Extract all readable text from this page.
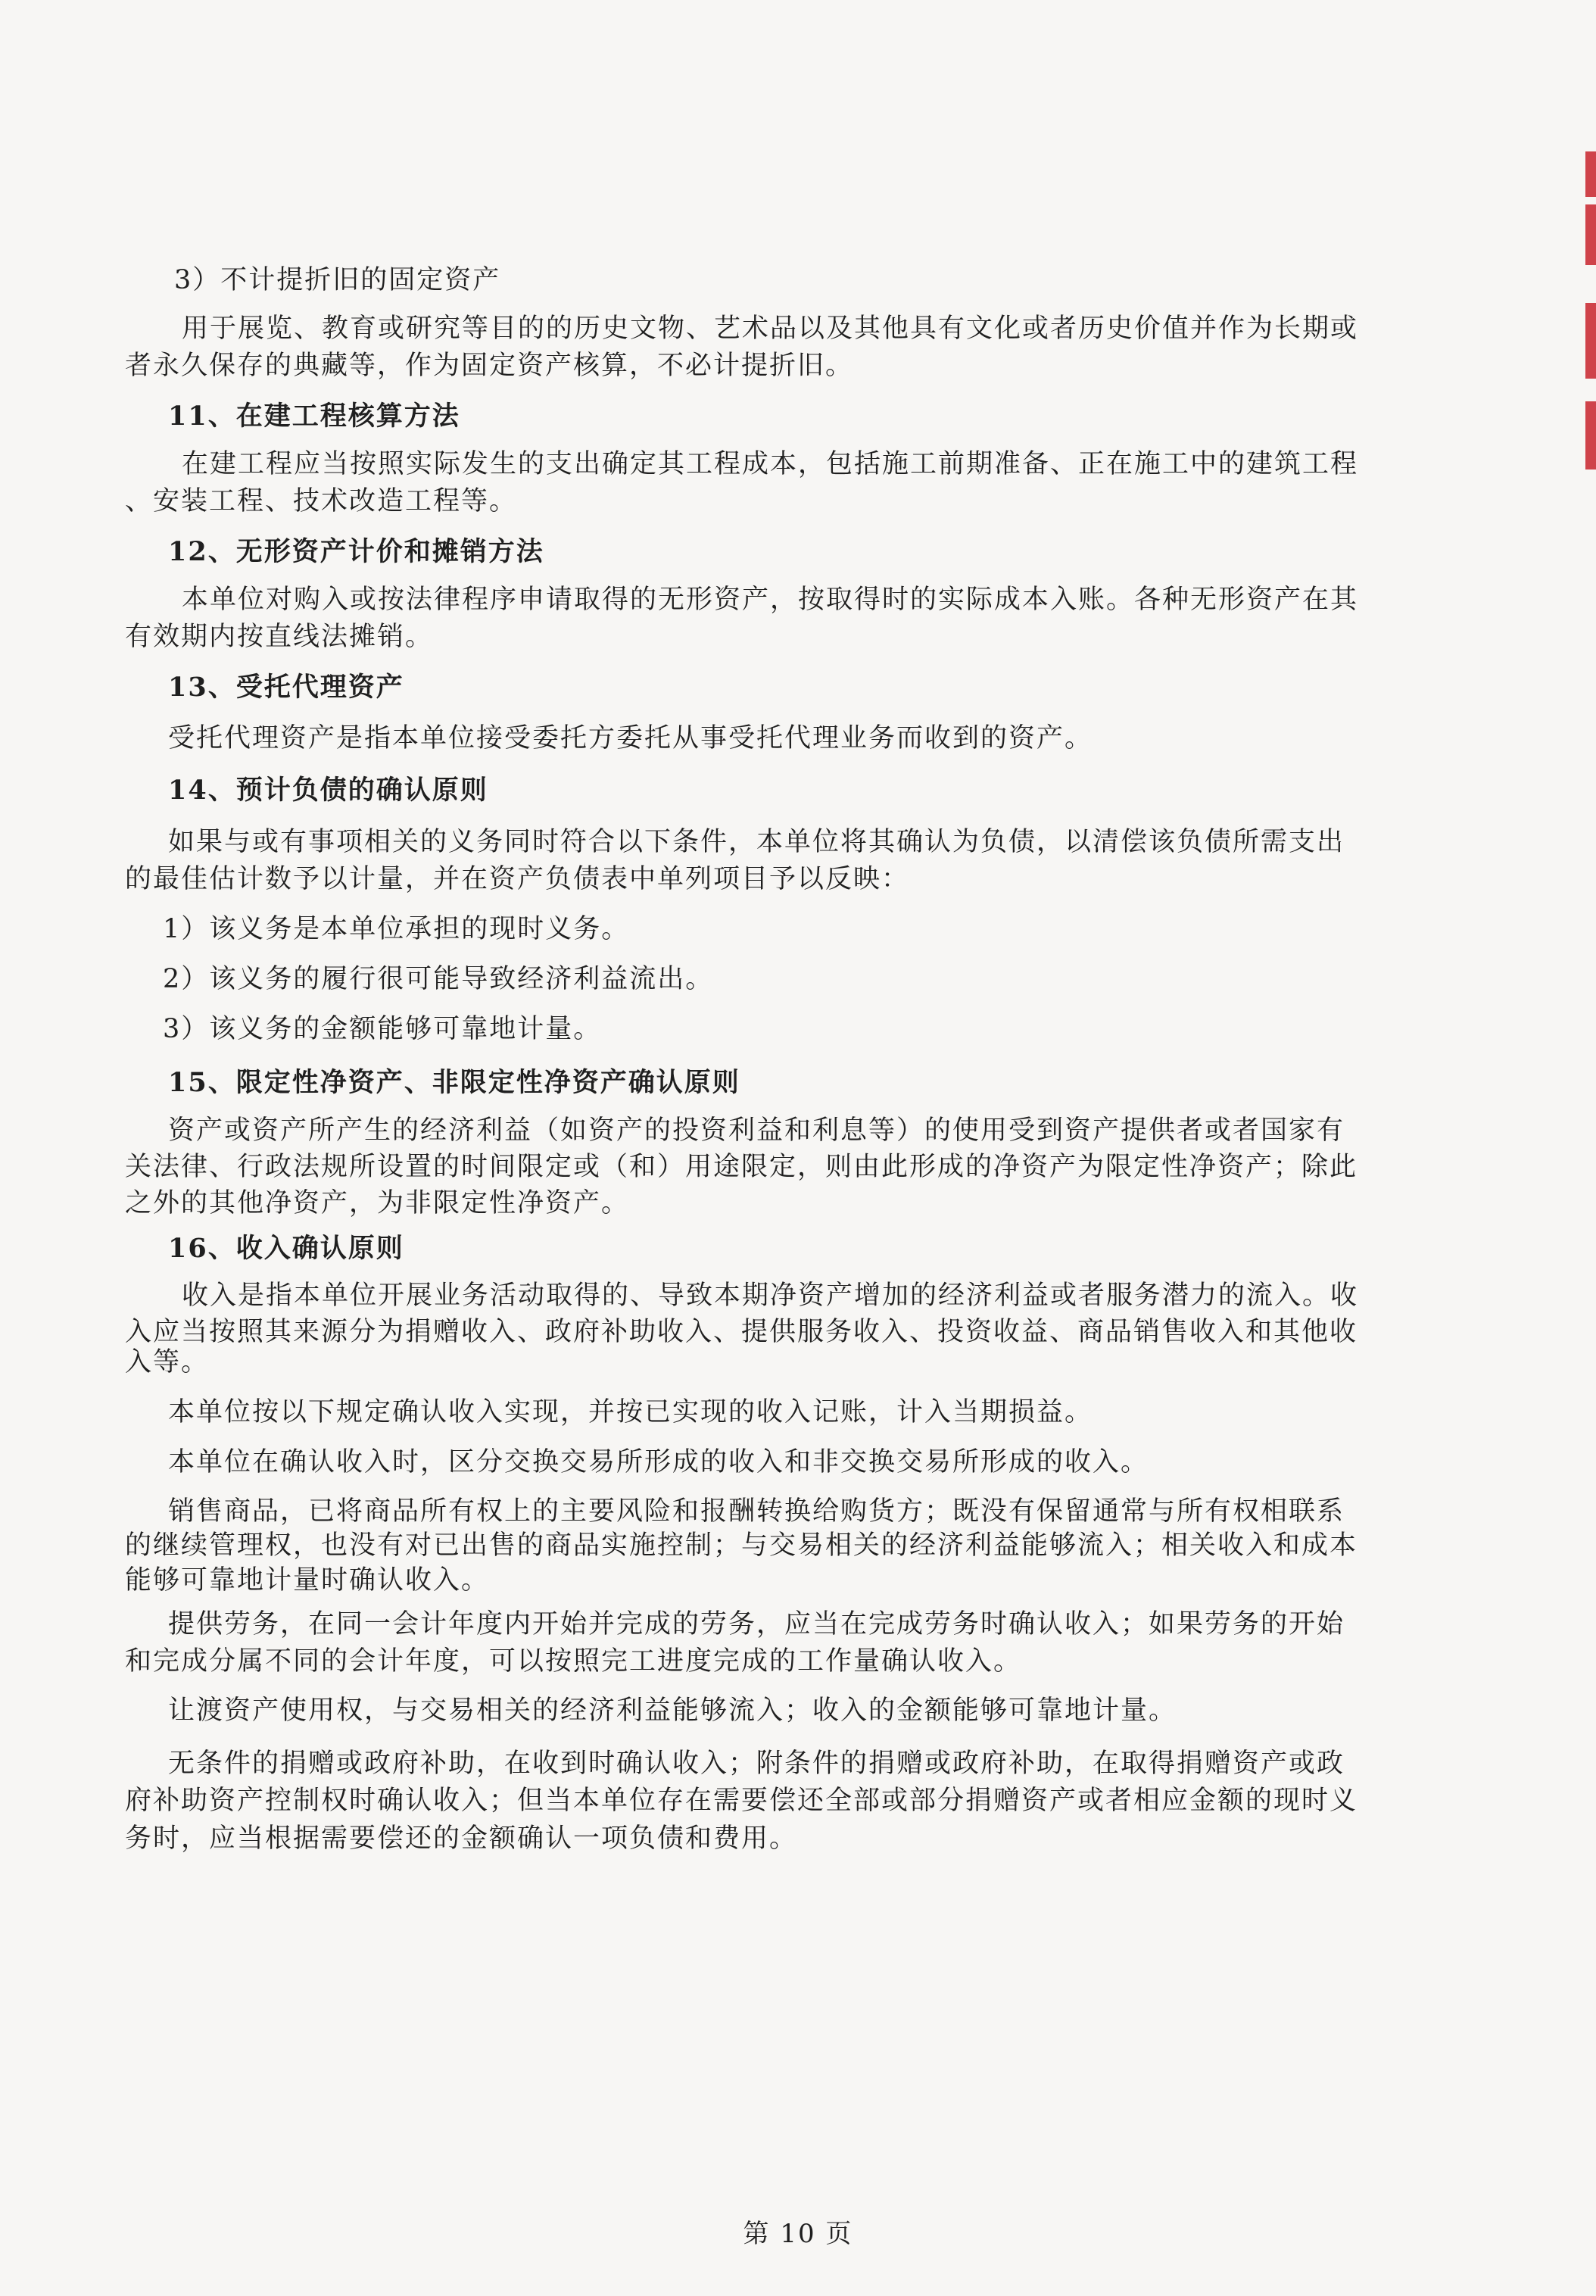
3）不计提折旧的固定资产
用于展览、教育或研究等目的的历史文物、艺术品以及其他具有文化或者历史价值并作为长期或
者永久保存的典藏等，作为固定资产核算，不必计提折旧。
11、在建工程核算方法
在建工程应当按照实际发生的支出确定其工程成本，包括施工前期准备、正在施工中的建筑工程
、安装工程、技术改造工程等。
12、无形资产计价和摊销方法
本单位对购入或按法律程序申请取得的无形资产，按取得时的实际成本入账。各种无形资产在其
有效期内按直线法摊销。
13、受托代理资产
受托代理资产是指本单位接受委托方委托从事受托代理业务而收到的资产。
14、预计负债的确认原则
如果与或有事项相关的义务同时符合以下条件，本单位将其确认为负债，以清偿该负债所需支出
的最佳估计数予以计量，并在资产负债表中单列项目予以反映：
1）该义务是本单位承担的现时义务。
2）该义务的履行很可能导致经济利益流出。
3）该义务的金额能够可靠地计量。
15、限定性净资产、非限定性净资产确认原则
资产或资产所产生的经济利益（如资产的投资利益和利息等）的使用受到资产提供者或者国家有
关法律、行政法规所设置的时间限定或（和）用途限定，则由此形成的净资产为限定性净资产；除此
之外的其他净资产，为非限定性净资产。
16、收入确认原则
收入是指本单位开展业务活动取得的、导致本期净资产增加的经济利益或者服务潜力的流入。收
入应当按照其来源分为捐赠收入、政府补助收入、提供服务收入、投资收益、商品销售收入和其他收
入等。
本单位按以下规定确认收入实现，并按已实现的收入记账，计入当期损益。
本单位在确认收入时，区分交换交易所形成的收入和非交换交易所形成的收入。
销售商品，已将商品所有权上的主要风险和报酬转换给购货方；既没有保留通常与所有权相联系
的继续管理权，也没有对已出售的商品实施控制；与交易相关的经济利益能够流入；相关收入和成本
能够可靠地计量时确认收入。
提供劳务，在同一会计年度内开始并完成的劳务，应当在完成劳务时确认收入；如果劳务的开始
和完成分属不同的会计年度，可以按照完工进度完成的工作量确认收入。
让渡资产使用权，与交易相关的经济利益能够流入；收入的金额能够可靠地计量。
无条件的捐赠或政府补助，在收到时确认收入；附条件的捐赠或政府补助，在取得捐赠资产或政
府补助资产控制权时确认收入；但当本单位存在需要偿还全部或部分捐赠资产或者相应金额的现时义
务时，应当根据需要偿还的金额确认一项负债和费用。
第 10 页
